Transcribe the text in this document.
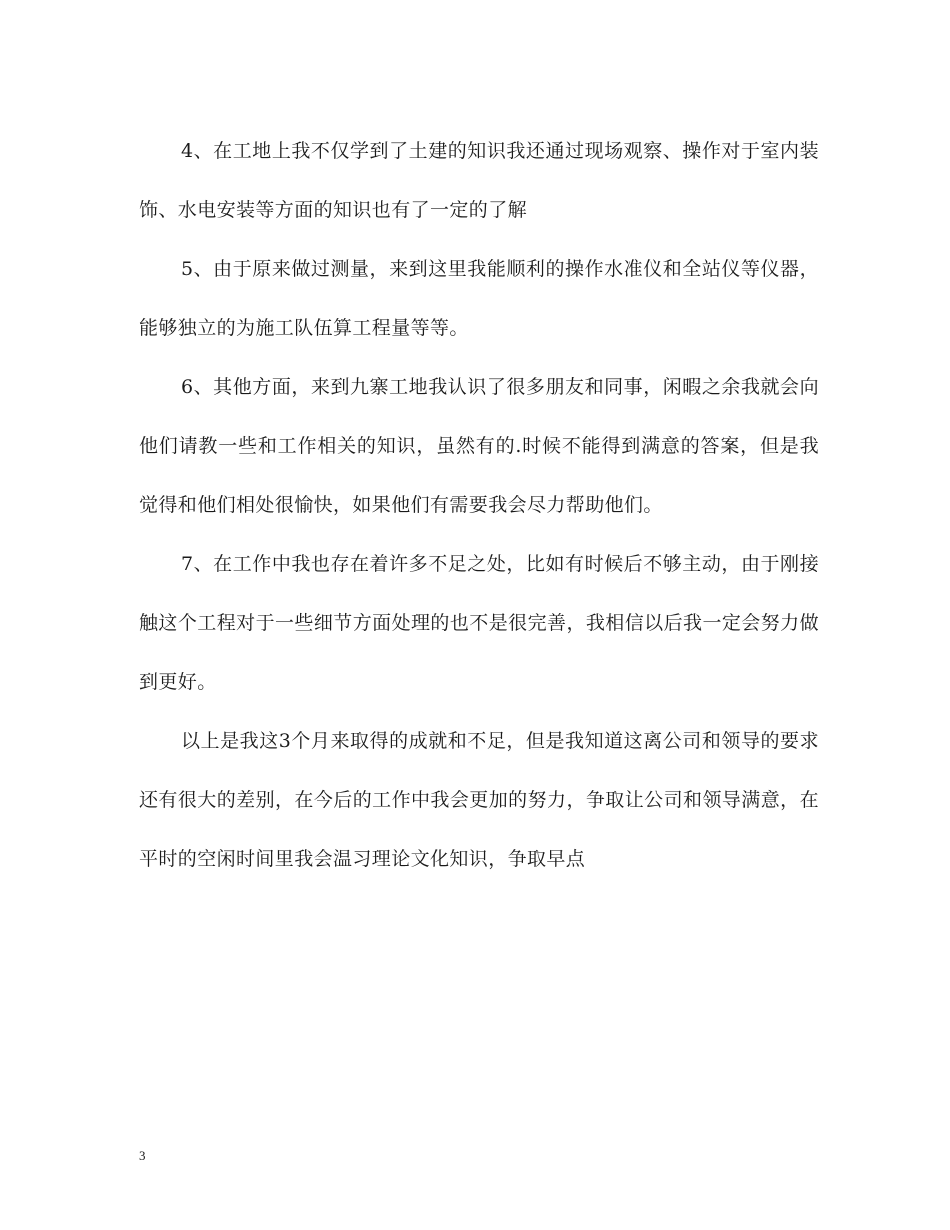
4、在工地上我不仅学到了土建的知识我还通过现场观察、操作对于室内装饰、水电安装等方面的知识也有了一定的了解

5、由于原来做过测量，来到这里我能顺利的操作水准仪和全站仪等仪器，能够独立的为施工队伍算工程量等等。

6、其他方面，来到九寨工地我认识了很多朋友和同事，闲暇之余我就会向他们请教一些和工作相关的知识，虽然有的.时候不能得到满意的答案，但是我觉得和他们相处很愉快，如果他们有需要我会尽力帮助他们。

7、在工作中我也存在着许多不足之处，比如有时候后不够主动，由于刚接触这个工程对于一些细节方面处理的也不是很完善，我相信以后我一定会努力做到更好。

以上是我这3个月来取得的成就和不足，但是我知道这离公司和领导的要求还有很大的差别，在今后的工作中我会更加的努力，争取让公司和领导满意，在平时的空闲时间里我会温习理论文化知识，争取早点

3
